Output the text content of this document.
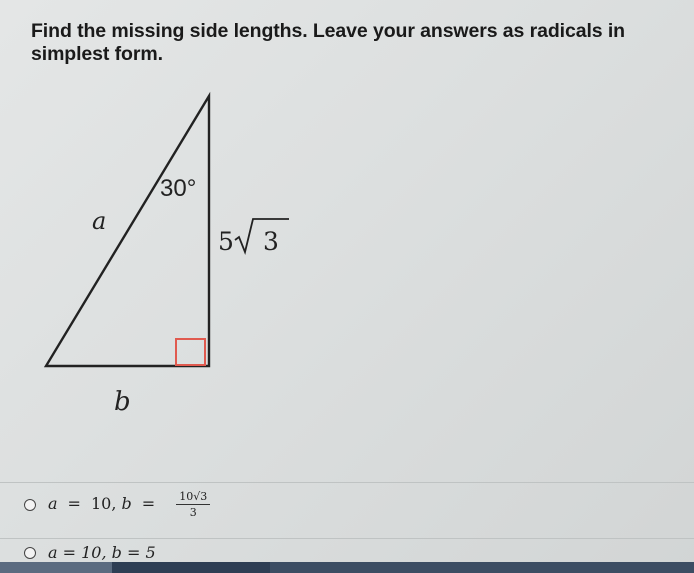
Find the missing side lengths. Leave your answers as radicals in simplest form.
30°
a
5 3
b
a = 10, $b = \frac{10√3}{3}$
a = 10, b = 5
